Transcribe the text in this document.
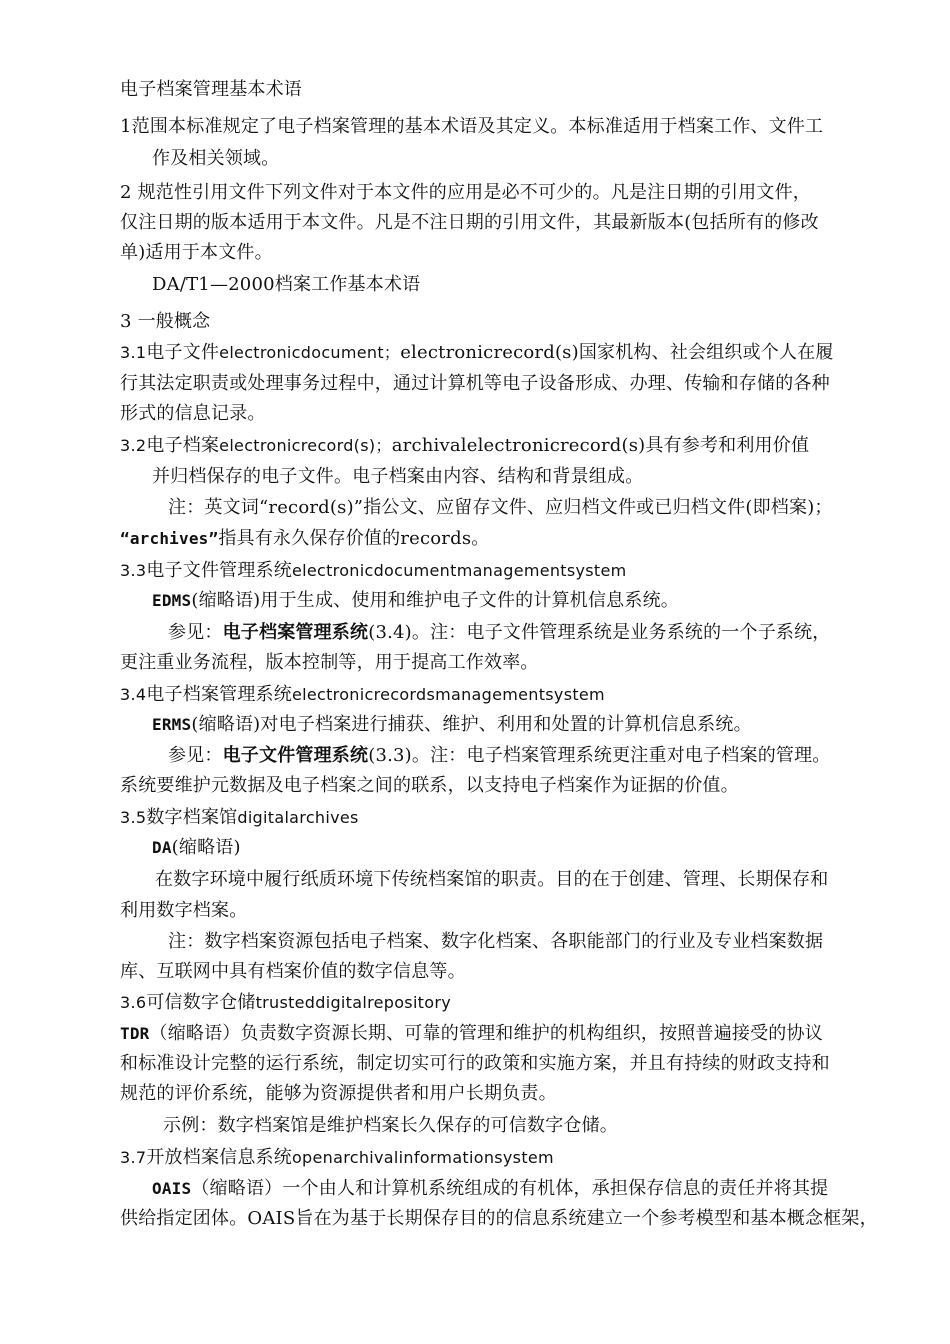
电子档案管理基本术语
1范围本标准规定了电子档案管理的基本术语及其定义。本标准适用于档案工作、文件工
作及相关领域。
2 规范性引用文件下列文件对于本文件的应用是必不可少的。凡是注日期的引用文件，
仅注日期的版本适用于本文件。凡是不注日期的引用文件，其最新版本(包括所有的修改
单)适用于本文件。
DA/T1—2000档案工作基本术语
3 一般概念
3.1电子文件electronicdocument；electronicrecord(s)国家机构、社会组织或个人在履
行其法定职责或处理事务过程中，通过计算机等电子设备形成、办理、传输和存储的各种
形式的信息记录。
3.2电子档案electronicrecord(s)；archivalelectronicrecord(s)具有参考和利用价值
并归档保存的电子文件。电子档案由内容、结构和背景组成。
注：英文词“record(s)”指公文、应留存文件、应归档文件或已归档文件(即档案)；
“archives”指具有永久保存价值的records。
3.3电子文件管理系统electronicdocumentmanagementsystem
EDMS(缩略语)用于生成、使用和维护电子文件的计算机信息系统。
参见：电子档案管理系统(3.4)。注：电子文件管理系统是业务系统的一个子系统，
更注重业务流程，版本控制等，用于提高工作效率。
3.4电子档案管理系统electronicrecordsmanagementsystem
ERMS(缩略语)对电子档案进行捕获、维护、利用和处置的计算机信息系统。
参见：电子文件管理系统(3.3)。注：电子档案管理系统更注重对电子档案的管理。
系统要维护元数据及电子档案之间的联系，以支持电子档案作为证据的价值。
3.5数字档案馆digitalarchives
DA(缩略语)
在数字环境中履行纸质环境下传统档案馆的职责。目的在于创建、管理、长期保存和
利用数字档案。
注：数字档案资源包括电子档案、数字化档案、各职能部门的行业及专业档案数据
库、互联网中具有档案价值的数字信息等。
3.6可信数字仓储trusteddigitalrepository
TDR（缩略语）负责数字资源长期、可靠的管理和维护的机构组织，按照普遍接受的协议
和标准设计完整的运行系统，制定切实可行的政策和实施方案，并且有持续的财政支持和
规范的评价系统，能够为资源提供者和用户长期负责。
示例：数字档案馆是维护档案长久保存的可信数字仓储。
3.7开放档案信息系统openarchivalinformationsystem
OAIS（缩略语）一个由人和计算机系统组成的有机体，承担保存信息的责任并将其提
供给指定团体。OAIS旨在为基于长期保存目的的信息系统建立一个参考模型和基本概念框架，
